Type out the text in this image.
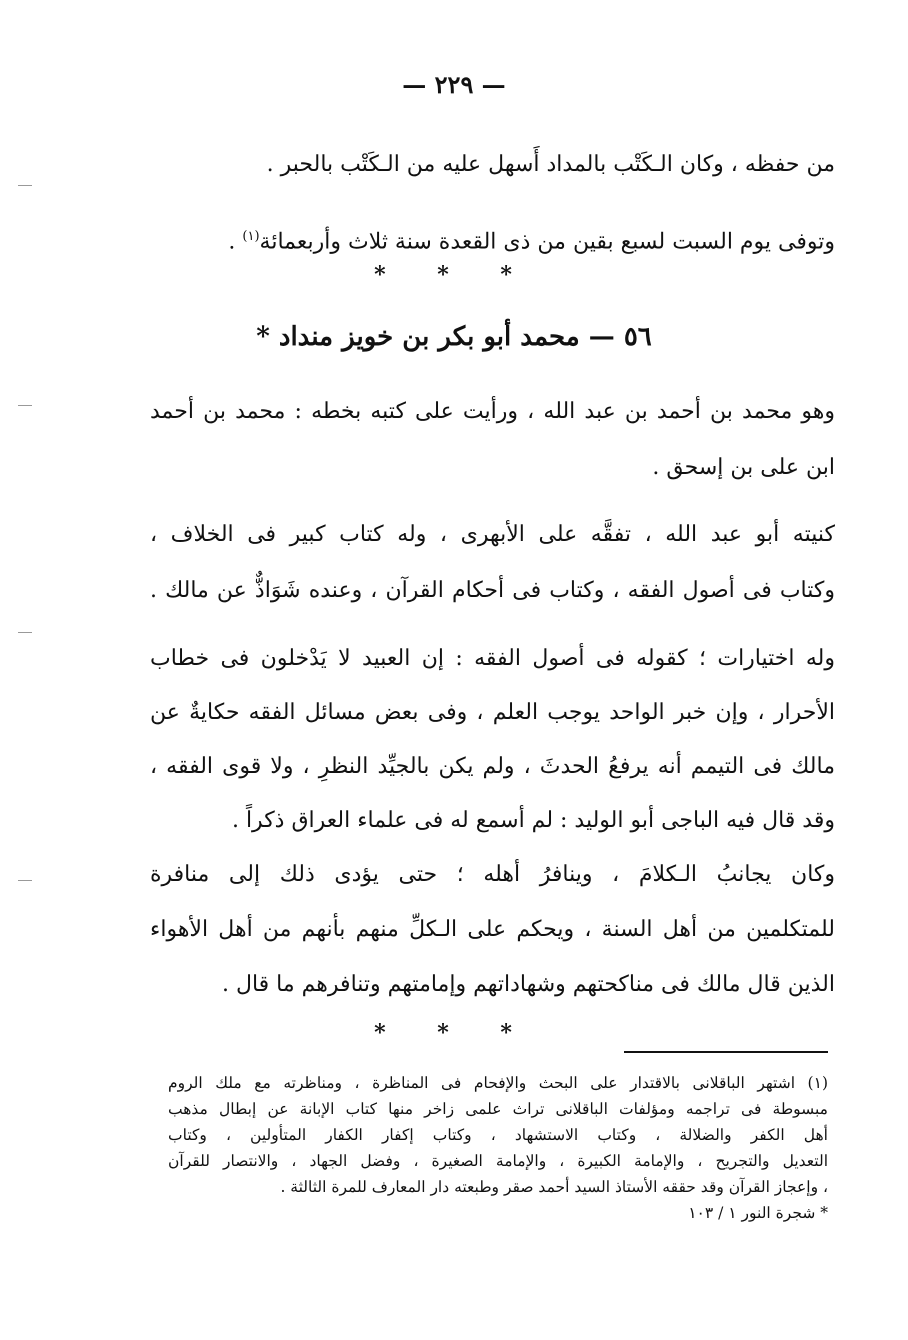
— ٢٢٩ —
من حفظه ، وكان الـكَتْب بالمداد أَسهل عليه من الـكَتْب بالحبر .
وتوفى يوم السبت لسبع بقين من ذى القعدة سنة ثلاث وأربعمائة$^{(١)}$ .
* * *
٥٦ — محمد أبو بكر بن خويز منداد *
وهو محمد بن أحمد بن عبد الله ، ورأيت على كتبه بخطه : محمد بن أحمد
ابن على بن إسحق .
كنيته أبو عبد الله ، تفقَّه على الأبهرى ، وله كتاب كبير فى الخلاف ،
وكتاب فى أصول الفقه ، وكتاب فى أحكام القرآن ، وعنده شَوَاذٌّ عن مالك .
وله اختيارات ؛ كقوله فى أصول الفقه : إن العبيد لا يَدْخلون فى خطاب
الأحرار ، وإن خبر الواحد يوجب العلم ، وفى بعض مسائل الفقه حكايةٌ عن
مالك فى التيمم أنه يرفعُ الحدثَ ، ولم يكن بالجيِّد النظرِ ، ولا قوى الفقه ،
وقد قال فيه الباجى أبو الوليد : لم أسمع له فى علماء العراق ذكراً .
وكان يجانبُ الـكلامَ ، وينافرُ أهله ؛ حتى يؤدى ذلك إلى منافرة
للمتكلمين من أهل السنة ، ويحكم على الـكلِّ منهم بأنهم من أهل الأهواء
الذين قال مالك فى مناكحتهم وشهاداتهم وإمامتهم وتنافرهم ما قال .
* * *
(١) اشتهر الباقلانى بالاقتدار على البحث والإفحام فى المناظرة ، ومناظرته مع ملك الروم
مبسوطة فى تراجمه ومؤلفات الباقلانى تراث علمى زاخر منها كتاب الإبانة عن إبطال مذهب
أهل الكفر والضلالة ، وكتاب الاستشهاد ، وكتاب إكفار الكفار المتأولين ، وكتاب
التعديل والتجريح ، والإمامة الكبيرة ، والإمامة الصغيرة ، وفضل الجهاد ، والانتصار للقرآن
، وإعجاز القرآن وقد حققه الأستاذ السيد أحمد صقر وطبعته دار المعارف للمرة الثالثة .
* شجرة النور ١ / ١٠٣
